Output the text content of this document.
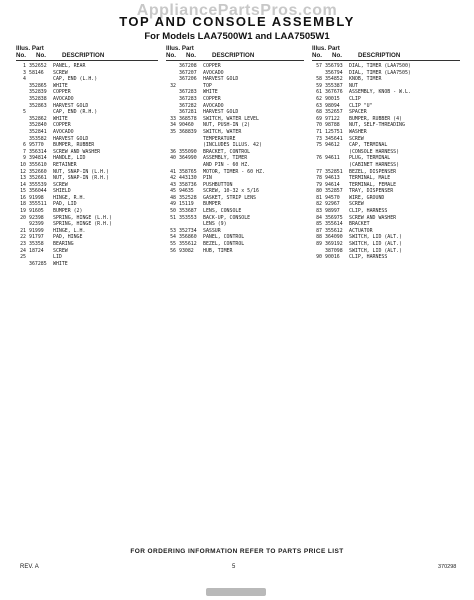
AppliancePartsPros.com
TOP AND CONSOLE ASSEMBLY
For Models LAA7500W1 and LAA7505W1
Illus. Part
No. No.	DESCRIPTION
1 352652	PANEL, REAR
3 58146	SCREW
4	CAP, END (L.H.)
352865	WHITE
352839	COPPER
352838	AVOCADO
352863	HARVEST GOLD
5	CAP, END (R.H.)
352862	WHITE
352840	COPPER
352841	AVOCADO
353582	HARVEST GOLD
6 95770	BUMPER, RUBBER
7 356314	SCREW AND WASHER
9 394814	HANDLE, LID
10 355610	RETAINER
12 352660	NUT, SNAP-IN (L.H.)
13 352661	NUT, SNAP-IN (R.H.)
14 355539	SCREW
15 356044	SHIELD
16 91998	HINGE, R.H.
18 355511	PAD, LID
19 91605	BUMPER (2)
20 92398	SPRING, HINGE (L.H.)
92399	SPRING, HINGE (R.H.)
21 91999	HINGE, L.H.
22 91797	PAD, HINGE
23 35358	BEARING
24 18724	SCREW
25	LID
367285	WHITE
Illus. Part
No. No.	DESCRIPTION
367208	COPPER
367207	AVOCADO
367206	HARVEST GOLD
32	TOP
367283	WHITE
367283	COPPER
367282	AVOCADO
367281	HARVEST GOLD
33 368578	SWITCH, WATER LEVEL
34 90460	NUT, PUSH-IN (2)
35 368839	SWITCH, WATER
TEMPERATURE
(INCLUDES ILLUS. 42)
36 355090	BRACKET, CONTROL
40 364990	ASSEMBLY, TIMER
AND PIN - 60 HZ.
41 358765	MOTOR, TIMER - 60 HZ.
42 443130	PIN
43 358736	PUSHBUTTON
45 94635	SCREW, 10-32 x 5/16
48 352528	GASKET, STRIP LENS
49 15119	BUMPER
50 353687	LENS, CONSOLE
51 353553	BACK-UP, CONSOLE
LENS (9)
53 352734	SASSUR
54 356860	PANEL, CONTROL
55 355612	BEZEL, CONTROL
56 93082	HUB, TIMER
Illus. Part
No. No.	DESCRIPTION
57 356793	DIAL, TIMER (LAA7500)
356794	DIAL, TIMER (LAA7505)
58 354852	KNOB, TIMER
59 355387	NUT
61 367676	ASSEMBLY, KNOB - W.L.
62 90015	CLIP
63 98094	CLIP "U"
68 352657	SPACER
69 97122	BUMPER, RUBBER (4)
70 98788	NUT, SELF-THREADING
71 125751	WASHER
73 345641	SCREW
75 94612	CAP, TERMINAL
(CONSOLE HARNESS)
76 94611	PLUG, TERMINAL
(CABINET HARNESS)
77 352851	BEZEL, DISPENSER
78 94613	TERMINAL, MALE
79 94614	TERMINAL, FEMALE
80 352857	TRAY, DISPENSER
81 94570	WIRE, GROUND
82 92967	SCREW
83 98997	CLIP, HARNESS
84 356975	SCREW AND WASHER
85 355614	BRACKET
87 355612	ACTUATOR
88 364090	SWITCH, LID (ALT.)
89 369192	SWITCH, LID (ALT.)
387098	SWITCH, LID (ALT.)
90 90016	CLIP, HARNESS
FOR ORDERING INFORMATION REFER TO PARTS PRICE LIST
REV. A	5	370298
